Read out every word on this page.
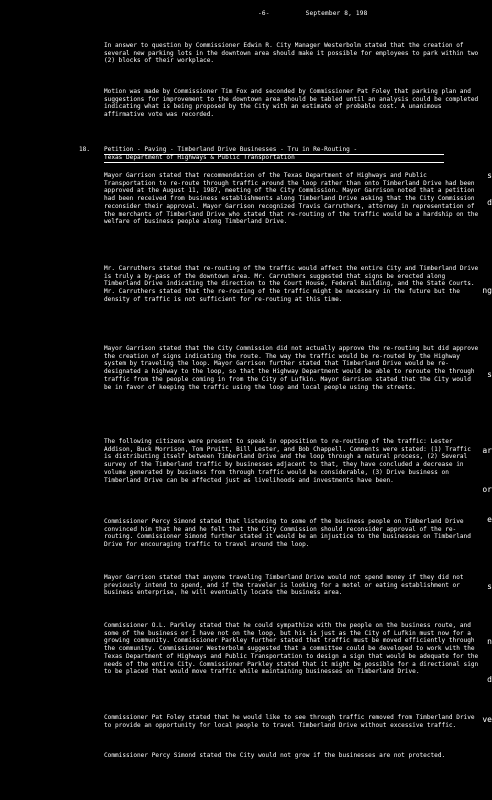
-6-	September 8, 198

In answer to question by Commissioner Edwin R. City Manager Westerbolm stated that the creation of several new parking lots in the downtown area should make it possible for employees to park within two (2) blocks of their workplace.

Motion was made by Commissioner Tim Fox and seconded by Commissioner Pat Foley that parking plan and suggestions for improvement to the downtown area should be tabled until an analysis could be completed indicating what is being proposed by the City with an estimate of probable cost. A unanimous affirmative vote was recorded.

18. Petition - Paving - Timberland Drive Businesses - Tru in Re-Routing -
Texas Department of Highways & Public Transportation

Mayor Garrison stated that recommendation of the Texas Department of Highways and Public Transportation to re-route through traffic around the loop rather than onto Timberland Drive had been approved at the August 11, 1987, meeting of the City Commission. Mayor Garrison noted that a petition had been received from business establishments along Timberland Drive asking that the City Commission reconsider their approval. Mayor Garrison recognized Travis Carruthers, attorney in representation of the merchants of Timberland Drive who stated that re-routing of the traffic would be a hardship on the welfare of business people along Timberland Drive.

Mr. Carruthers stated that re-routing of the traffic would affect the entire City and Timberland Drive is truly a by-pass of the downtown area. Mr. Carruthers suggested that signs be erected along Timberland Drive indicating the direction to the Court House, Federal Building, and the State Courts. Mr. Carruthers stated that the re-routing of the traffic might be necessary in the future but the density of traffic is not sufficient for re-routing at this time.

Mayor Garrison stated that the City Commission did not actually approve the re-routing but did approve the creation of signs indicating the route. The way the traffic would be re-routed by the Highway system by traveling the loop. Mayor Garrison further stated that Timberland Drive would be re-designated a highway to the loop, so that the Highway Department would be able to reroute the through traffic from the people coming in from the City of Lufkin. Mayor Garrison stated that the City would be in favor of keeping the traffic using the loop and local people using the streets.

The following citizens were present to speak in opposition to re-routing of the traffic: Lester Addison, Buck Morrison, Tom Pruitt, Bill Lester, and Bob Chappell. Comments were stated: (1) Traffic is distributing itself between Timberland Drive and the loop through a natural process, (2) Several survey of the Timberland traffic by businesses adjacent to that, they have concluded a decrease in volume generated by business from through traffic would be considerable, (3) Drive business on Timberland Drive can be affected just as livelihoods and investments have been.

Commissioner Percy Simond stated that listening to some of the business people on Timberland Drive convinced him that he and he felt that the City Commission should reconsider approval of the re-routing. Commissioner Simond further stated it would be an injustice to the businesses on Timberland Drive for encouraging traffic to travel around the loop.

Mayor Garrison stated that anyone traveling Timberland Drive would not spend money if they did not previously intend to spend, and if the traveler is looking for a motel or eating establishment or business enterprise, he will eventually locate the business area.

Commissioner O.L. Parkley stated that he could sympathize with the people on the business route, and some of the business or I have not on the loop, but his is just as the City of Lufkin must now for a growing community. Commissioner Parkley further stated that traffic must be moved efficiently through the community. Commissioner Westerbolm suggested that a committee could be developed to work with the Texas Department of Highways and Public Transportation to design a sign that would be adequate for the needs of the entire City. Commissioner Parkley stated that it might be possible for a directional sign to be placed that would move traffic while maintaining businesses on Timberland Drive.

Commissioner Pat Foley stated that he would like to see through traffic removed from Timberland Drive to provide an opportunity for local people to travel Timberland Drive without excessive traffic.

Commissioner Percy Simond stated the City would not grow if the businesses are not protected.

s
d
ng
s
ar
or
e
s
n
d
ve
